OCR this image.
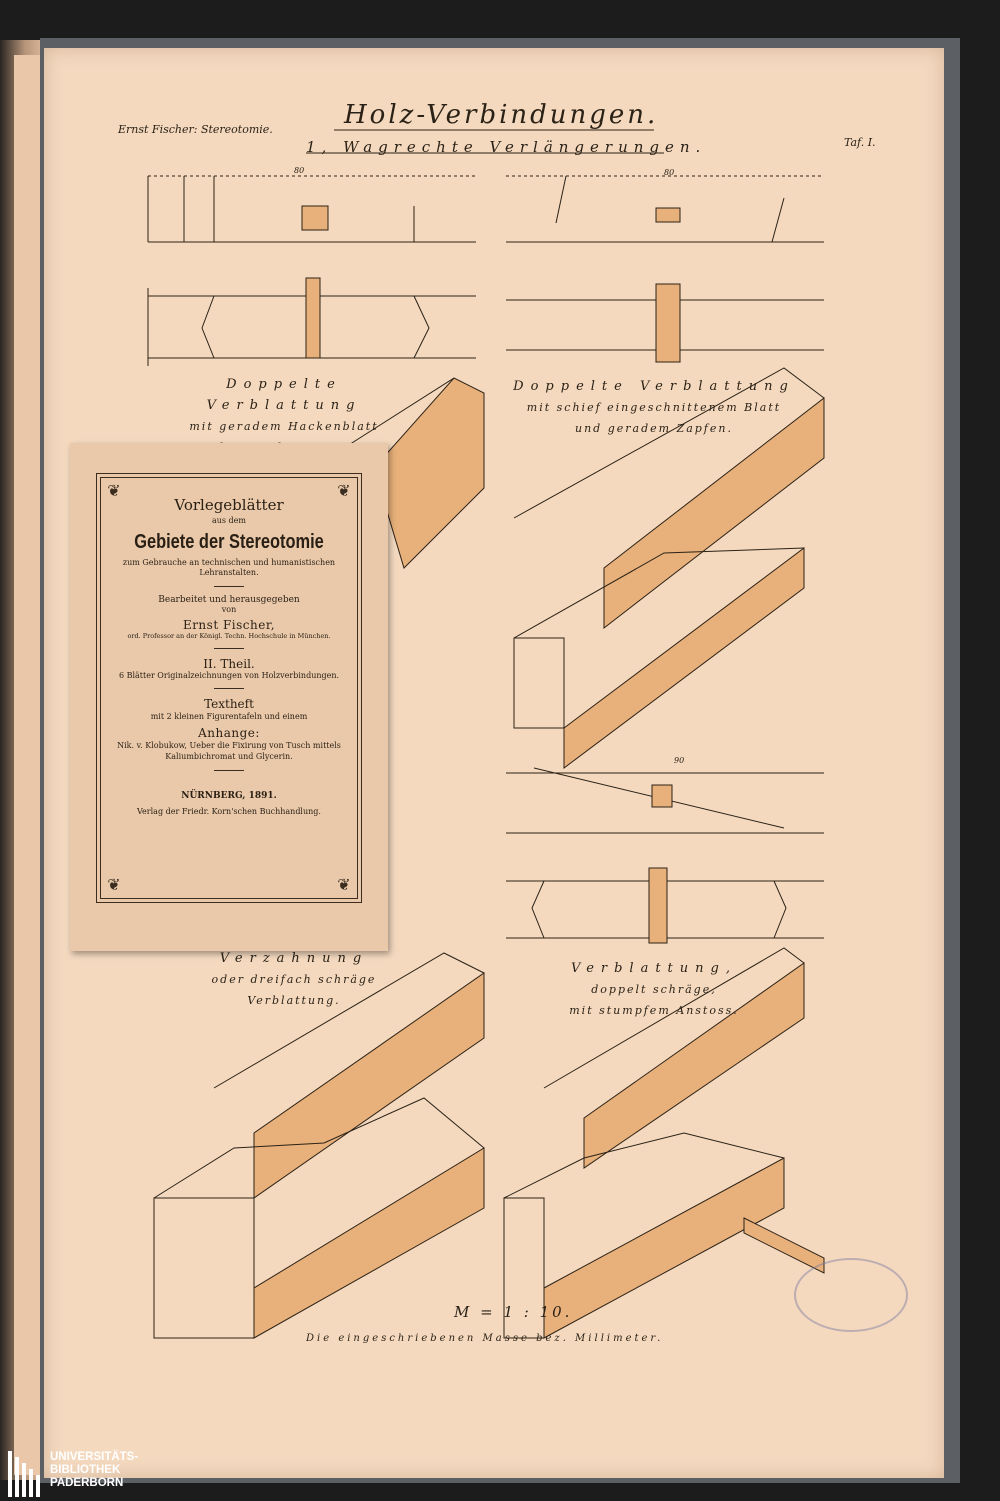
Holz-Verbindungen.
1, Wagrechte Verlängerungen.
Ernst Fischer: Stereotomie.
Taf. I.
Doppelte Verblattung
mit geradem Hackenblatt
Doppelte Verblattung
mit schief eingeschnittenem Blatt
und geradem Zapfen.
Verzahnung
oder dreifach schräge
Verblattung.
Verblattung,
doppelt schräge,
mit stumpfem Anstoss.
M = 1 : 10.
Die eingeschriebenen Masse bez. Millimeter.
80	80
90
❦	❦
❦	❦
Vorlegeblätter
aus dem
Gebiete der Stereotomie
zum Gebrauche an technischen und humanistischen Lehranstalten.
Bearbeitet und herausgegeben
von
Ernst Fischer,
ord. Professor an der Königl. Techn. Hochschule in München.
II. Theil.
6 Blätter Originalzeichnungen von Holzverbindungen.
Textheft
mit 2 kleinen Figurentafeln und einem
Anhange:
Nik. v. Klobukow, Ueber die Fixirung von Tusch mittels Kaliumbichromat und Glycerin.
NÜRNBERG, 1891.
Verlag der Friedr. Korn'schen Buchhandlung.
UNIVERSITÄTS-
BIBLIOTHEK
PADERBORN
